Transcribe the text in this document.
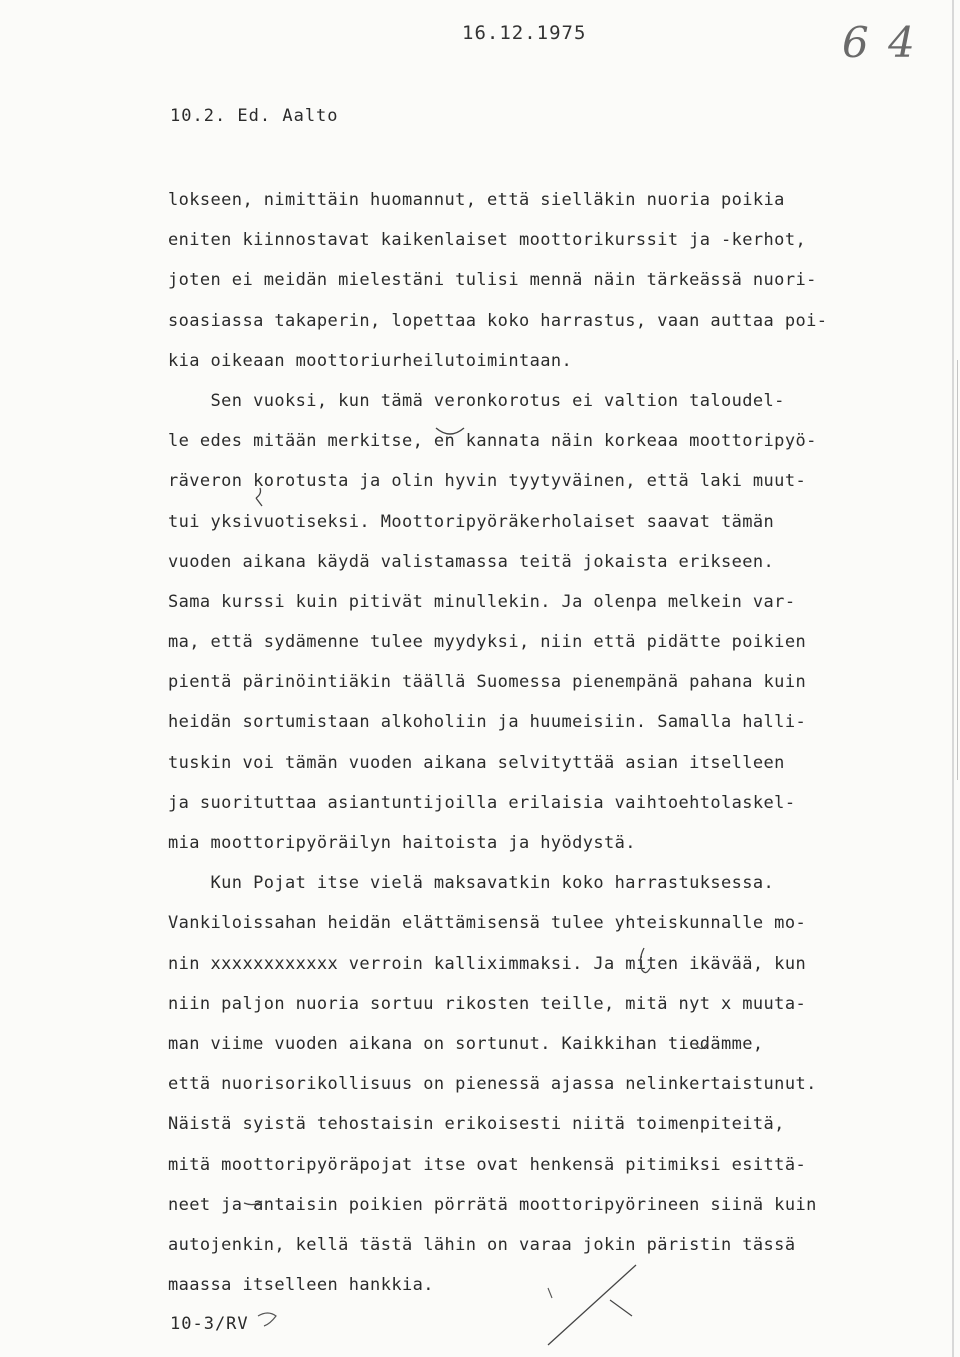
16.12.1975	6 4
10.2. Ed. Aalto
lokseen, nimittäin huomannut, että sielläkin nuoria poikia
eniten kiinnostavat kaikenlaiset moottorikurssit ja -kerhot,
joten ei meidän mielestäni tulisi mennä näin tärkeässä nuori-
soasiassa takaperin, lopettaa koko harrastus, vaan auttaa poi-
kia oikeaan moottoriurheilutoimintaan.
Sen vuoksi, kun tämä veronkorotus ei valtion taloudel-
le edes mitään merkitse, en kannata näin korkeaa moottoripyö-
räveron korotusta ja olin hyvin tyytyväinen, että laki muut-
tui yksivuotiseksi. Moottoripyöräkerholaiset saavat tämän
vuoden aikana käydä valistamassa teitä jokaista erikseen.
Sama kurssi kuin pitivät minullekin. Ja olenpa melkein var-
ma, että sydämenne tulee myydyksi, niin että pidätte poikien
pientä pärinöintiäkin täällä Suomessa pienempänä pahana kuin
heidän sortumistaan alkoholiin ja huumeisiin. Samalla halli-
tuskin voi tämän vuoden aikana selvityttää asian itselleen
ja suorituttaa asiantuntijoilla erilaisia vaihtoehtolaskel-
mia moottoripyöräilyn haitoista ja hyödystä.
Kun Pojat itse vielä maksavatkin koko harrastuksessa.
Vankiloissahan heidän elättämisensä tulee yhteiskunnalle mo-
nin xxxxxxxxxxxx verroin kalliximmaksi. Ja miten ikävää, kun
niin paljon nuoria sortuu rikosten teille, mitä nyt x muuta-
man viime vuoden aikana on sortunut. Kaikkihan tiedämme,
että nuorisorikollisuus on pienessä ajassa nelinkertaistunut.
Näistä syistä tehostaisin erikoisesti niitä toimenpiteitä,
mitä moottoripyöräpojat itse ovat henkensä pitimiksi esittä-
neet ja antaisin poikien pörrätä moottoripyörineen siinä kuin
autojenkin, kellä tästä lähin on varaa jokin päristin tässä
maassa itselleen hankkia.
10-3/RV
